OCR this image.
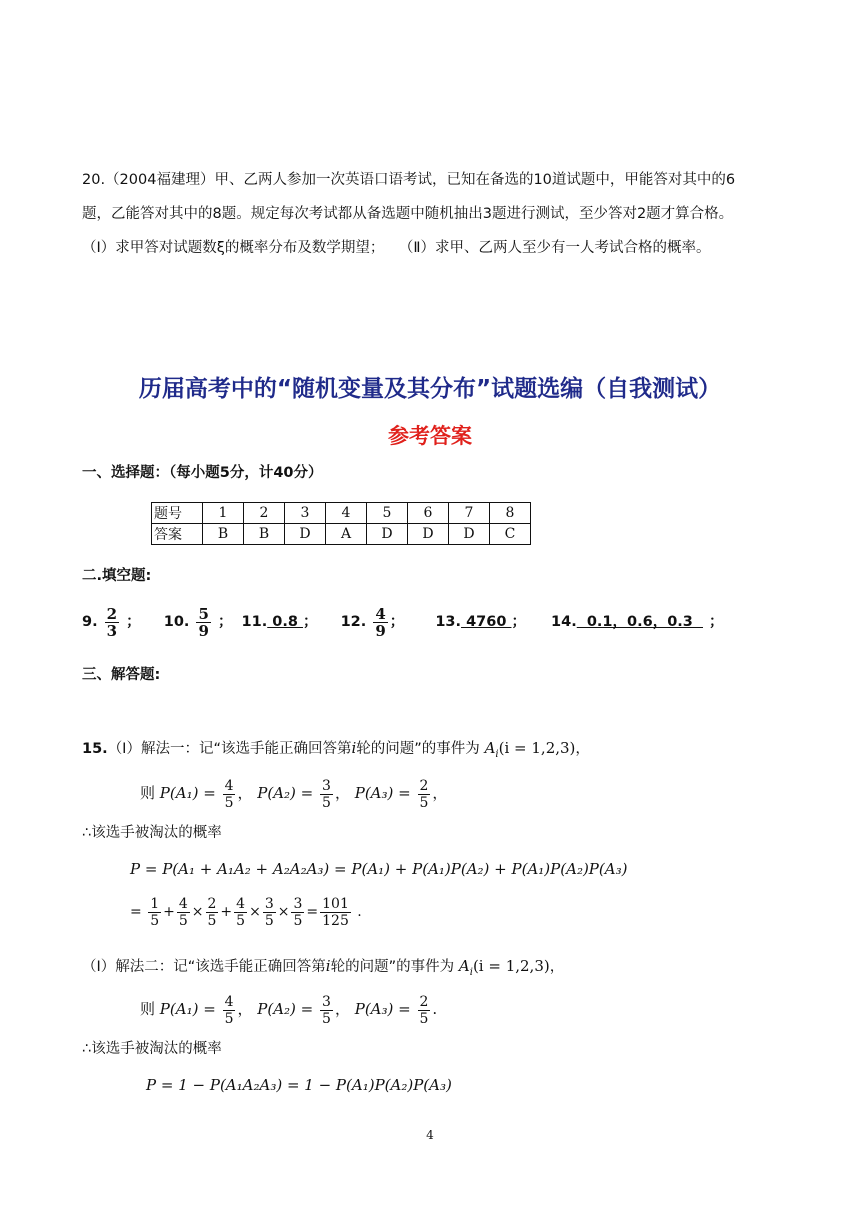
20.（2004福建理）甲、乙两人参加一次英语口语考试，已知在备选的10道试题中，甲能答对其中的6
题，乙能答对其中的8题。规定每次考试都从备选题中随机抽出3题进行测试，至少答对2题才算合格。
（Ⅰ）求甲答对试题数ξ的概率分布及数学期望；　　（Ⅱ）求甲、乙两人至少有一人考试合格的概率。
历届高考中的“随机变量及其分布”试题选编（自我测试）
参考答案
一、选择题：（每小题5分，计40分）
题号	1	2	3	4	5	6	7	8
答案	B	B	D	A	D	D	D	C
二.填空题:
9. $\frac{2}{3}$ ； 10. $\frac{5}{9}$ ； 11. 0.8 ； 12. $\frac{4}{9}$ ； 13. 4760 ； 14.  0.1，0.6，0.3  ；
三、解答题:
15.（Ⅰ）解法一：记“该选手能正确回答第i轮的问题”的事件为 $A_i(i = 1,2,3)$，
则 $P(A_1) = \frac{4}{5}$ ， $P(A_2) = \frac{3}{5}$ ， $P(A_3) = \frac{2}{5}$ ，
∴该选手被淘汰的概率
P = P(A₁ + A₁A₂ + A₂A₂A₃) = P(A₁) + P(A₁)P(A₂) + P(A₁)P(A₂)P(A₃)
= $\frac{1}{5} + \frac{4}{5} \times \frac{2}{5} + \frac{4}{5} \times \frac{3}{5} \times \frac{3}{5} = \frac{101}{125}$ .
（Ⅰ）解法二：记“该选手能正确回答第i轮的问题”的事件为 $A_i(i = 1,2,3)$，
则 $P(A_1) = \frac{4}{5}$ ， $P(A_2) = \frac{3}{5}$ ， $P(A_3) = \frac{2}{5}$ .
∴该选手被淘汰的概率
P = 1 − P(A₁A₂A₃) = 1 − P(A₁)P(A₂)P(A₃)
4
